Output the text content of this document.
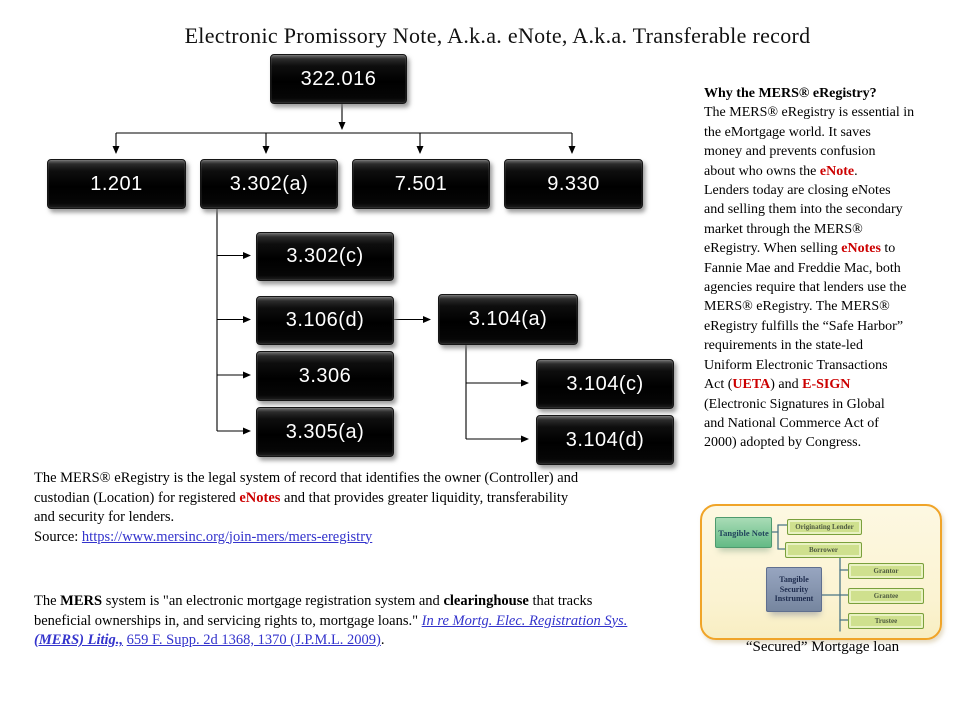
Electronic Promissory Note, A.k.a. eNote, A.k.a. Transferable record
322.016
1.201	3.302(a)	7.501	9.330
3.302(c)
3.106(d)
3.306
3.305(a)
3.104(a)
3.104(c)
3.104(d)
Why the MERS® eRegistry?
The MERS® eRegistry is essential in
the eMortgage world. It saves
money and prevents confusion
about who owns the eNote.
Lenders today are closing eNotes
and selling them into the secondary
market through the MERS®
eRegistry. When selling eNotes to
Fannie Mae and Freddie Mac, both
agencies require that lenders use the
MERS® eRegistry. The MERS®
eRegistry fulfills the “Safe Harbor”
requirements in the state-led
Uniform Electronic Transactions
Act (UETA) and E-SIGN
(Electronic Signatures in Global
and National Commerce Act of
2000) adopted by Congress.
The MERS® eRegistry is the legal system of record that identifies the owner (Controller) and
custodian (Location) for registered eNotes and that provides greater liquidity, transferability
and security for lenders.
Source: https://www.mersinc.org/join-mers/mers-eregistry
The MERS system is "an electronic mortgage registration system and clearinghouse that tracks
beneficial ownerships in, and servicing rights to, mortgage loans." In re Mortg. Elec. Registration Sys.
(MERS) Litig., 659 F. Supp. 2d 1368, 1370 (J.P.M.L. 2009).
Tangible Note
Originating Lender
Borrower
Tangible Security Instrument
Grantor
Grantee
Trustee
“Secured” Mortgage loan
